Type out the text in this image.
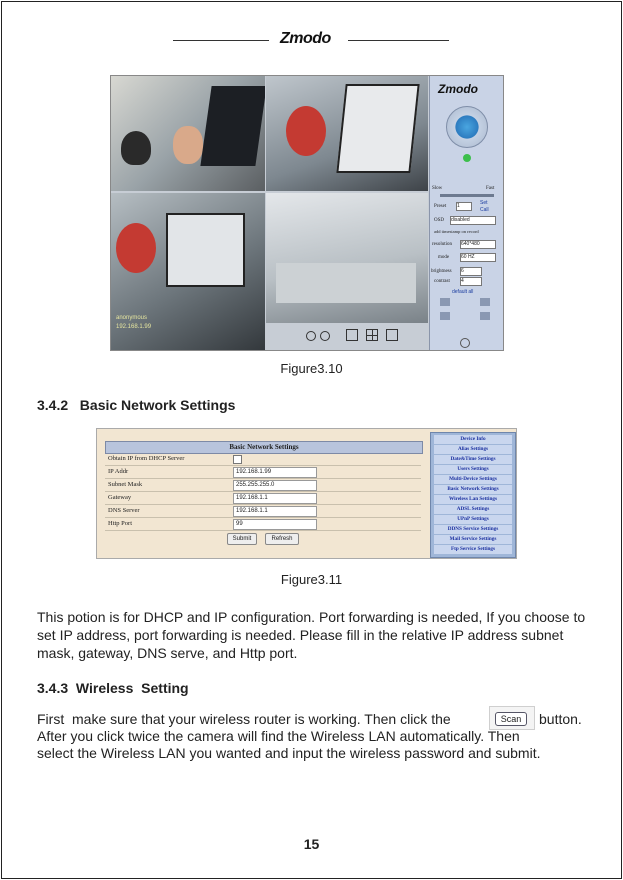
Zmodo
anonymous
192.168.1.99
Zmodo
Slow	Fast
Preset 1	Set
Call
OSD disabled
add timestamp on record
resolution 640*480
mode 60 HZ
brightness 6
contrast 4
default all
Figure3.10
3.4.2   Basic Network Settings
Basic Network Settings
Obtain IP from DHCP Server
IP Addr	192.168.1.99
Subnet Mask	255.255.255.0
Gateway	192.168.1.1
DNS Server	192.168.1.1
Http Port	99
Submit	Refresh
Device Info
Alias Settings
Date&Time Settings
Users Settings
Multi-Device Settings
Basic Network Settings
Wireless Lan Settings
ADSL Settings
UPnP Settings
DDNS Service Settings
Mail Service Settings
Ftp Service Settings
Figure3.11
This potion is for DHCP and IP configuration. Port forwarding is needed, If you choose to set IP address, port forwarding is needed. Please fill in the relative IP address subnet mask, gateway, DNS serve, and Http port.
3.4.3  Wireless  Setting
First  make sure that your wireless router is working. Then click the	Scan	button.
After you click twice the camera will find the Wireless LAN automatically. Then
select the Wireless LAN you wanted and input the wireless password and submit.
15
